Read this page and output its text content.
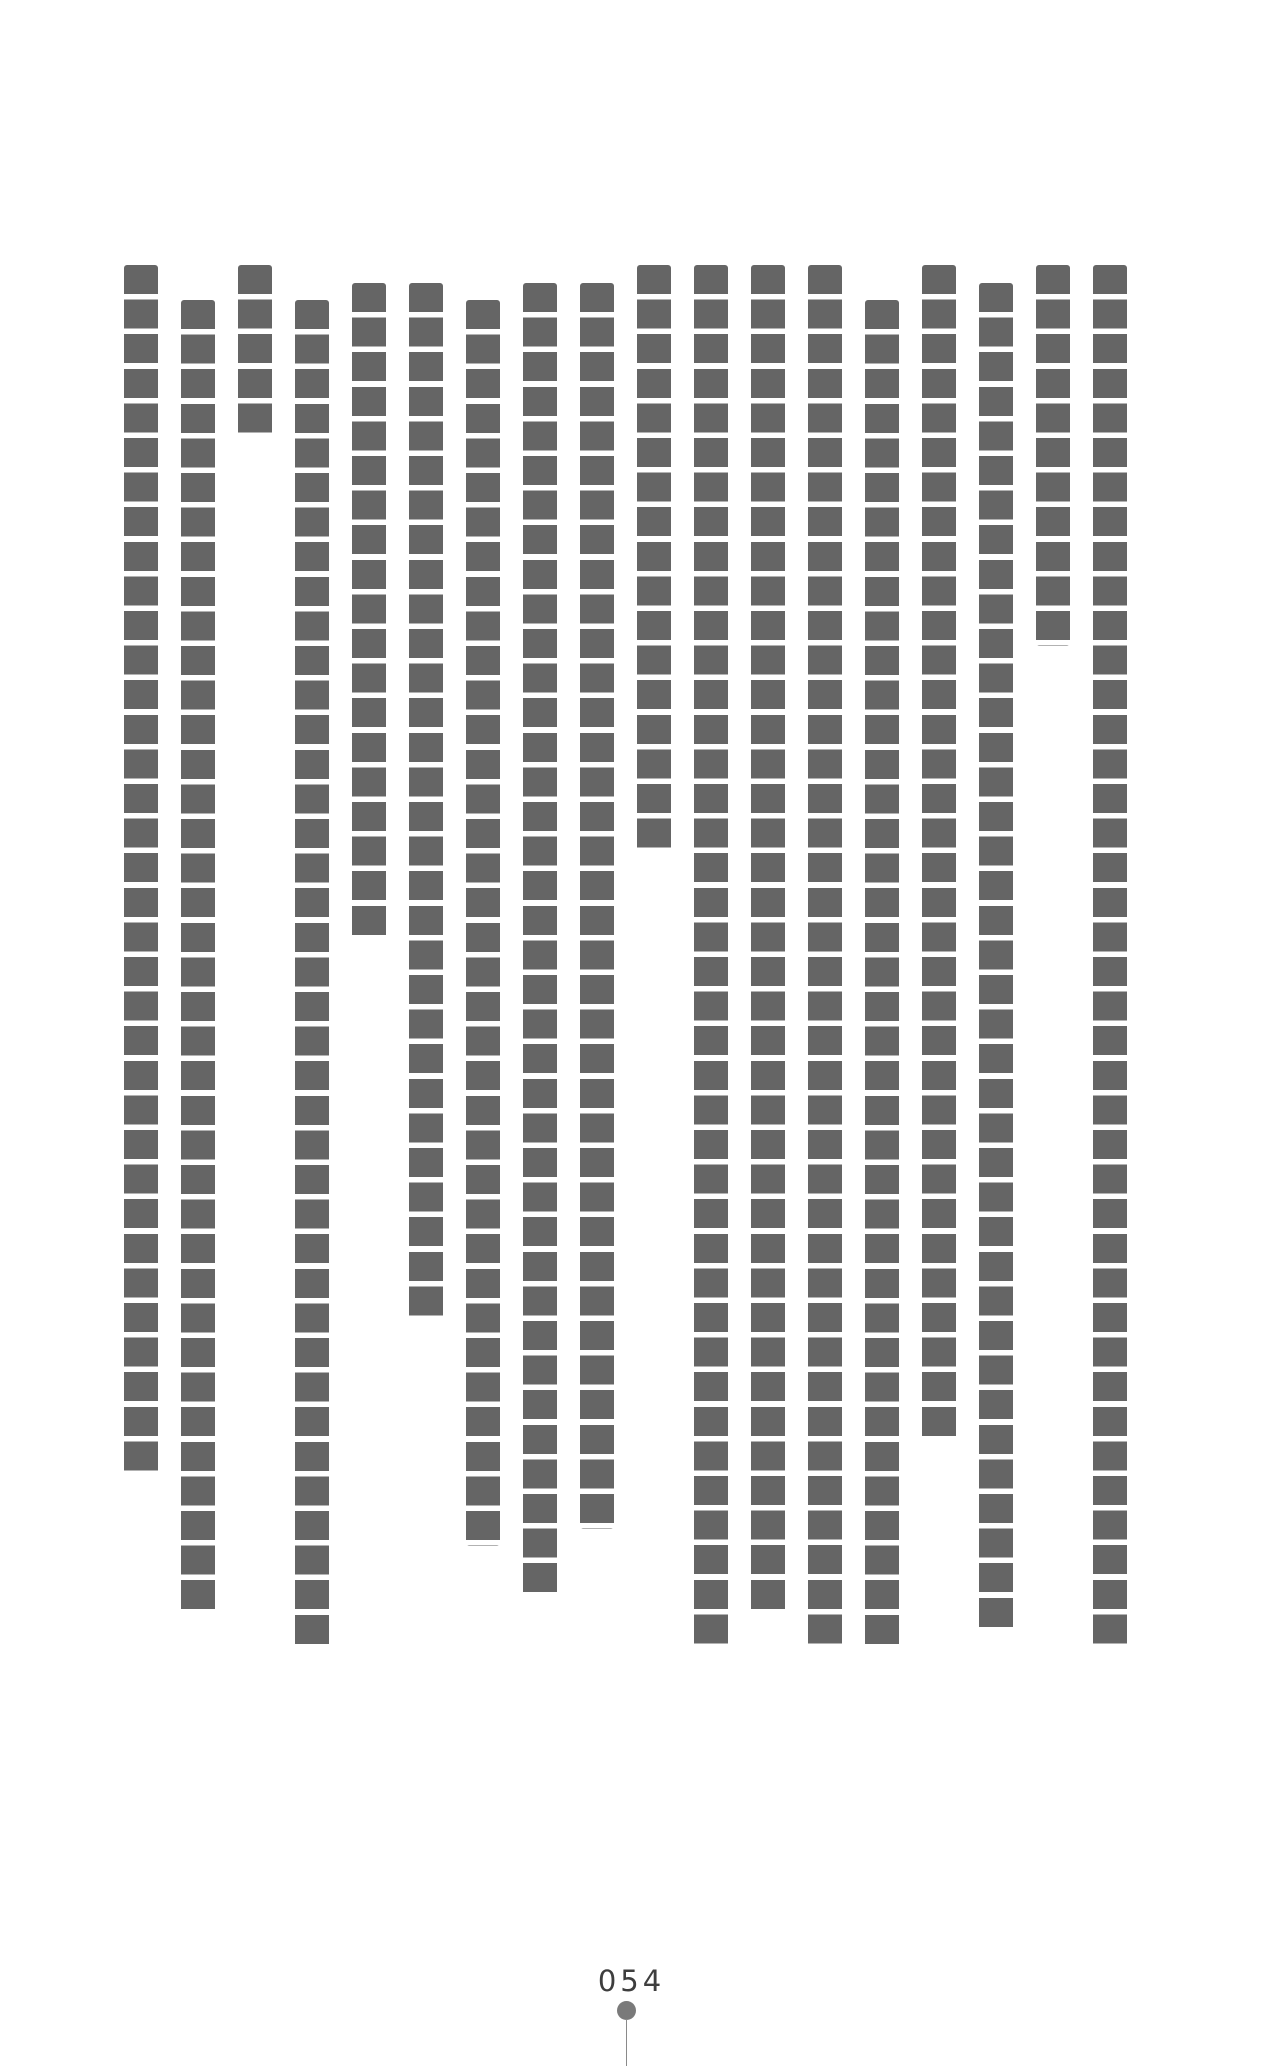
054
